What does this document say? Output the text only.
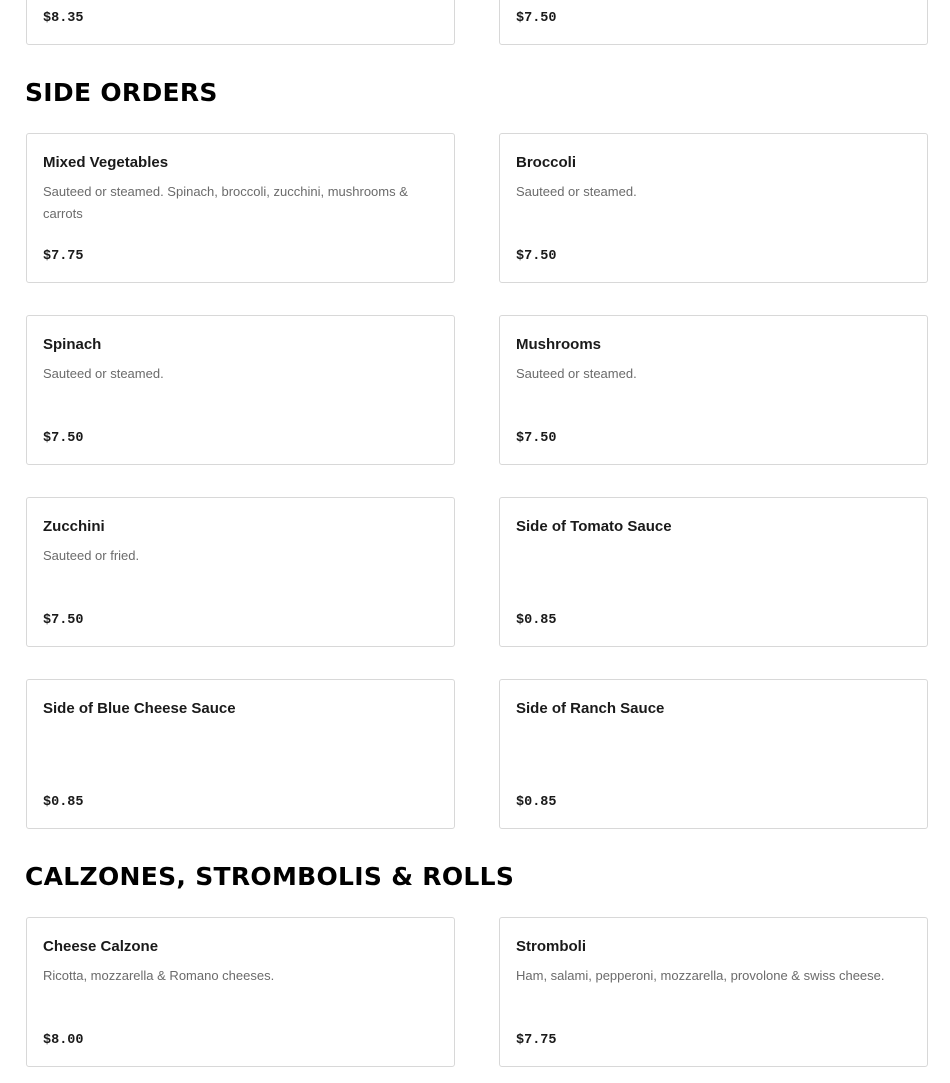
$8.35	$7.50
SIDE ORDERS
Mixed Vegetables
Sauteed or steamed. Spinach, broccoli, zucchini, mushrooms & carrots
$7.75
Broccoli
Sauteed or steamed.
$7.50
Spinach
Sauteed or steamed.
$7.50
Mushrooms
Sauteed or steamed.
$7.50
Zucchini
Sauteed or fried.
$7.50
Side of Tomato Sauce
$0.85
Side of Blue Cheese Sauce
$0.85
Side of Ranch Sauce
$0.85
CALZONES, STROMBOLIS & ROLLS
Cheese Calzone
Ricotta, mozzarella & Romano cheeses.
$8.00
Stromboli
Ham, salami, pepperoni, mozzarella, provolone & swiss cheese.
$7.75
